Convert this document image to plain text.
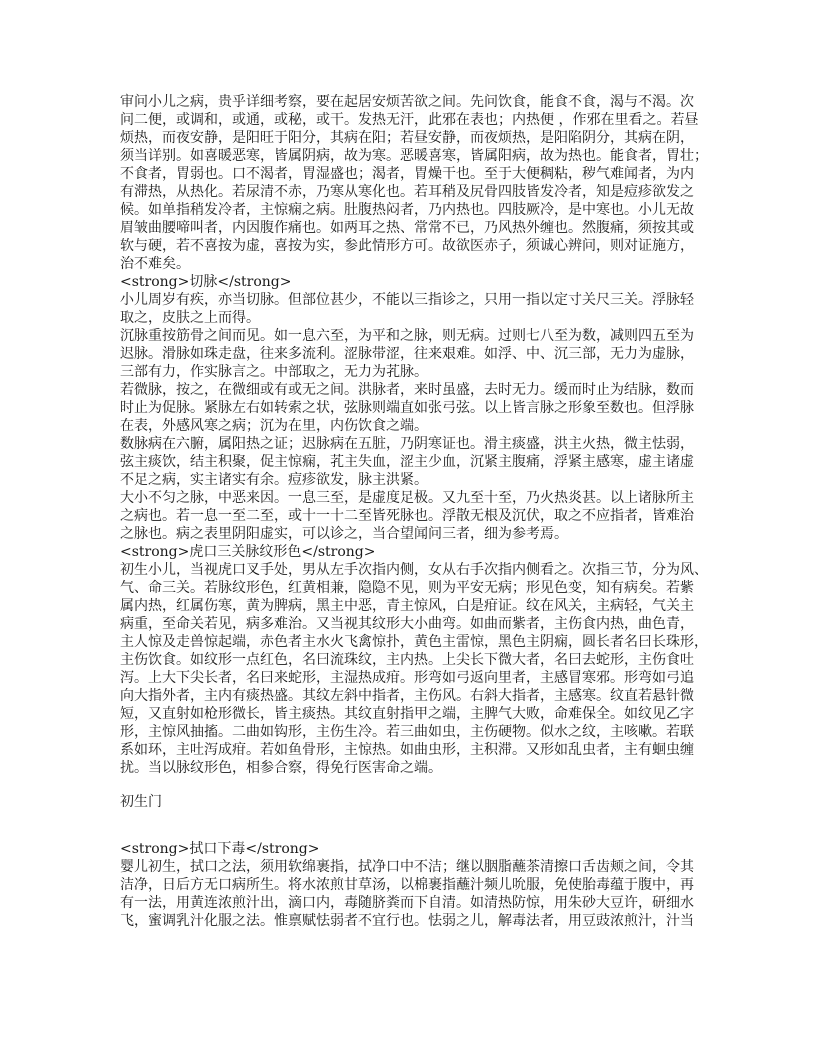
审问小儿之病，贵乎详细考察，要在起居安烦苦欲之间。先问饮食，能食不食，渴与不渴。次
问二便，或调和，或通，或秘，或干。发热无汗，此邪在表也；内热便 ，作邪在里看之。若昼
烦热，而夜安静，是阳旺于阳分，其病在阳；若昼安静，而夜烦热，是阳陷阴分，其病在阴，
须当详别。如喜暖恶寒，皆属阴病，故为寒。恶暖喜寒，皆属阳病，故为热也。能食者，胃壮；
不食者，胃弱也。口不渴者，胃湿盛也；渴者，胃燥干也。至于大便稠粘，秽气难闻者，为内
有滞热，从热化。若尿清不赤，乃寒从寒化也。若耳稍及尻骨四肢皆发冷者，知是痘疹欲发之
候。如单指稍发冷者，主惊痫之病。肚腹热闷者，乃内热也。四肢厥冷，是中寒也。小儿无故
眉皱曲腰啼叫者，内因腹作痛也。如两耳之热、常常不已，乃风热外缠也。然腹痛，须按其或
软与硬，若不喜按为虚，喜按为实，参此情形方可。故欲医赤子，须诚心辨问，则对证施方，
治不难矣。
<strong>切脉</strong>
小儿周岁有疾，亦当切脉。但部位甚少，不能以三指诊之，只用一指以定寸关尺三关。浮脉轻
取之，皮肤之上而得。
沉脉重按筋骨之间而见。如一息六至，为平和之脉，则无病。过则七八至为数，减则四五至为
迟脉。滑脉如珠走盘，往来多流利。涩脉带涩，往来艰难。如浮、中、沉三部，无力为虚脉，
三部有力，作实脉言之。中部取之，无力为芤脉。
若微脉，按之，在微细或有或无之间。洪脉者，来时虽盛，去时无力。缓而时止为结脉，数而
时止为促脉。紧脉左右如转索之状，弦脉则端直如张弓弦。以上皆言脉之形象至数也。但浮脉
在表，外感风寒之病；沉为在里，内伤饮食之端。
数脉病在六腑，属阳热之证；迟脉病在五脏，乃阴寒证也。滑主痰盛，洪主火热，微主怯弱，
弦主痰饮，结主积聚，促主惊痫，芤主失血，涩主少血，沉紧主腹痛，浮紧主感寒，虚主诸虚
不足之病，实主诸实有余。痘疹欲发，脉主洪紧。
大小不匀之脉，中恶来因。一息三至，是虚度足极。又九至十至，乃火热炎甚。以上诸脉所主
之病也。若一息一至二至，或十一十二至皆死脉也。浮散无根及沉伏，取之不应指者，皆难治
之脉也。病之表里阴阳虚实，可以诊之，当合望闻问三者，细为参考焉。
<strong>虎口三关脉纹形色</strong>
初生小儿，当视虎口叉手处，男从左手次指内侧，女从右手次指内侧看之。次指三节，分为风、
气、命三关。若脉纹形色，红黄相兼，隐隐不见，则为平安无病；形见色变，知有病矣。若紫
属内热，红属伤寒，黄为脾病，黑主中恶，青主惊风，白是疳证。纹在风关，主病轻，气关主
病重，至命关若见，病多难治。又当视其纹形大小曲弯。如曲而紫者，主伤食内热，曲色青，
主人惊及走兽惊起端，赤色者主水火飞禽惊扑，黄色主雷惊，黑色主阴痫，圆长者名曰长珠形，
主伤饮食。如纹形一点红色，名曰流珠纹，主内热。上尖长下微大者，名曰去蛇形，主伤食吐
泻。上大下尖长者，名曰来蛇形，主湿热成疳。形弯如弓返向里者，主感冒寒邪。形弯如弓追
向大指外者，主内有痰热盛。其纹左斜中指者，主伤风。右斜大指者，主感寒。纹直若悬针微
短，又直射如枪形微长，皆主痰热。其纹直射指甲之端，主脾气大败，命难保全。如纹见乙字
形，主惊风抽搐。二曲如钩形，主伤生冷。若三曲如虫，主伤硬物。似水之纹，主咳嗽。若联
系如环，主吐泻成疳。若如鱼骨形，主惊热。如曲虫形，主积滞。又形如乱虫者，主有蛔虫缠
扰。当以脉纹形色，相参合察，得免行医害命之端。
初生门
<strong>拭口下毒</strong>
婴儿初生，拭口之法，须用软绵裹指，拭净口中不洁；继以胭脂蘸茶清擦口舌齿颊之间，令其
洁净，日后方无口病所生。将水浓煎甘草汤，以棉裹指蘸汁频儿吮服，免使胎毒蕴于腹中，再
有一法，用黄连浓煎汁出，滴口内，毒随脐粪而下自清。如清热防惊，用朱砂大豆许，研细水
飞，蜜调乳汁化服之法。惟禀赋怯弱者不宜行也。怯弱之儿，解毒法者，用豆豉浓煎汁，汁当
